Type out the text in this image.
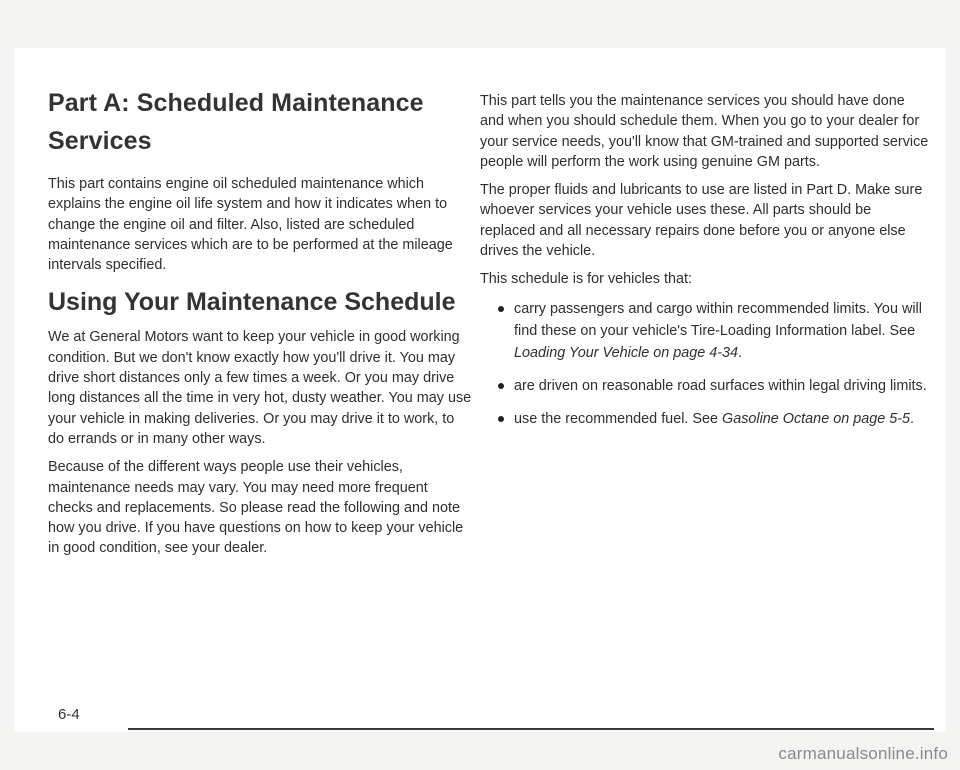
Part A: Scheduled Maintenance
Services

This part contains engine oil scheduled maintenance which explains the engine oil life system and how it indicates when to change the engine oil and filter. Also, listed are scheduled maintenance services which are to be performed at the mileage intervals specified.

Using Your Maintenance Schedule

We at General Motors want to keep your vehicle in good working condition. But we don't know exactly how you'll drive it. You may drive short distances only a few times a week. Or you may drive long distances all the time in very hot, dusty weather. You may use your vehicle in making deliveries. Or you may drive it to work, to do errands or in many other ways.

Because of the different ways people use their vehicles, maintenance needs may vary. You may need more frequent checks and replacements. So please read the following and note how you drive. If you have questions on how to keep your vehicle in good condition, see your dealer.

This part tells you the maintenance services you should have done and when you should schedule them. When you go to your dealer for your service needs, you'll know that GM-trained and supported service people will perform the work using genuine GM parts.

The proper fluids and lubricants to use are listed in Part D. Make sure whoever services your vehicle uses these. All parts should be replaced and all necessary repairs done before you or anyone else drives the vehicle.

This schedule is for vehicles that:

carry passengers and cargo within recommended limits. You will find these on your vehicle's Tire-Loading Information label. See Loading Your Vehicle on page 4-34.
are driven on reasonable road surfaces within legal driving limits.
use the recommended fuel. See Gasoline Octane on page 5-5.
6-4
carmanualsonline.info
